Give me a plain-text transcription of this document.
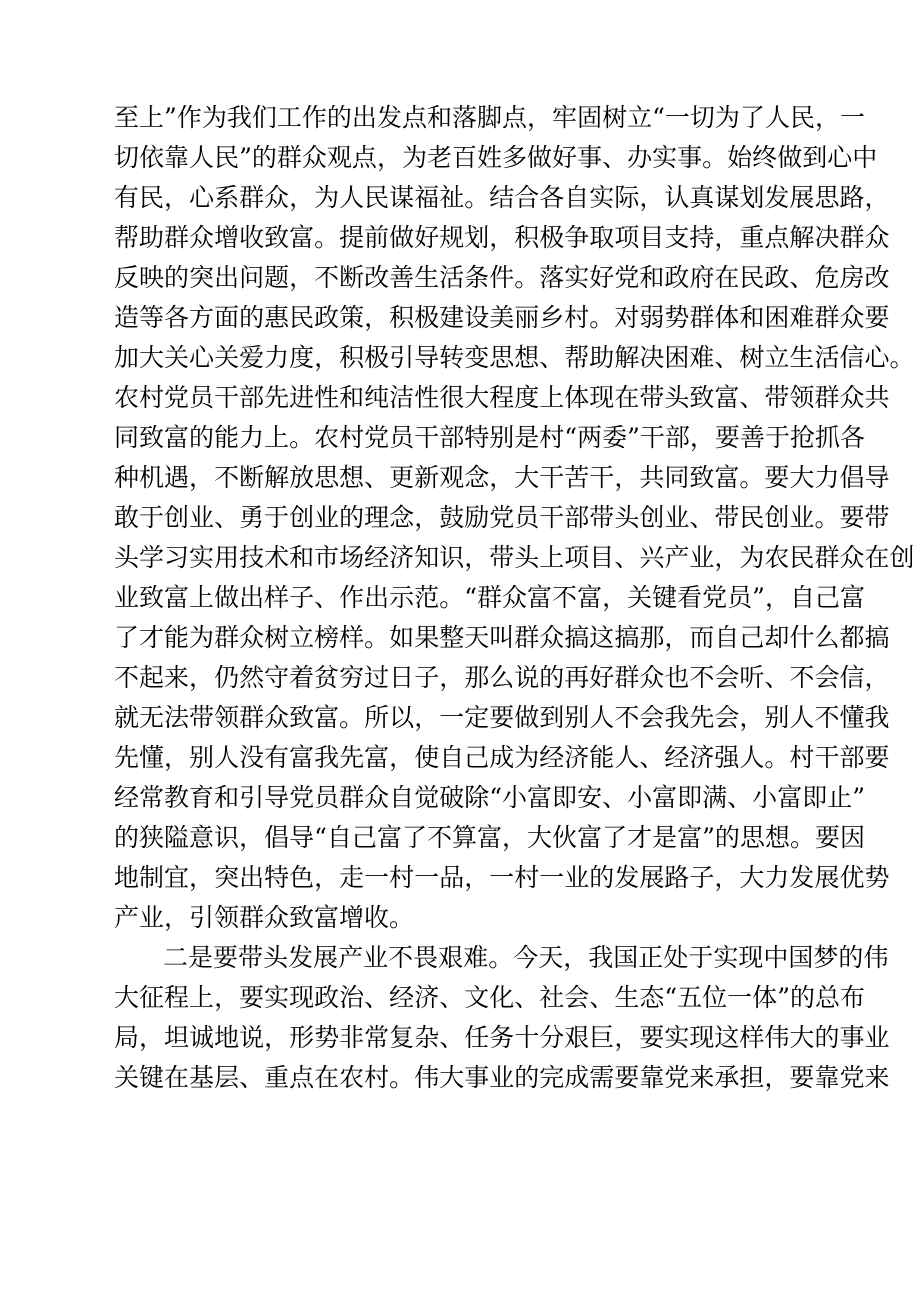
至 上 ” 作 为 我 们 工 作 的 出 发 点 和 落 脚 点 ， 牢 固 树 立 “ 一 切 为 了 人 民 ， 一
切 依 靠 人 民 ” 的 群 众 观 点 ， 为 老 百 姓 多 做 好 事 、 办 实 事 。 始 终 做 到 心 中
有 民 ， 心 系 群 众 ， 为 人 民 谋 福 祉 。 结 合 各 自 实 际 ， 认 真 谋 划 发 展 思 路 ，
帮 助 群 众 增 收 致 富 。 提 前 做 好 规 划 ， 积 极 争 取 项 目 支 持 ， 重 点 解 决 群 众
反 映 的 突 出 问 题 ， 不 断 改 善 生 活 条 件 。 落 实 好 党 和 政 府 在 民 政 、 危 房 改
造 等 各 方 面 的 惠 民 政 策 ， 积 极 建 设 美 丽 乡 村 。 对 弱 势 群 体 和 困 难 群 众 要
加 大 关 心 关 爱 力 度 ， 积 极 引 导 转 变 思 想 、 帮 助 解 决 困 难 、 树 立 生 活 信 心 。
农 村 党 员 干 部 先 进 性 和 纯 洁 性 很 大 程 度 上 体 现 在 带 头 致 富 、 带 领 群 众 共
同 致 富 的 能 力 上 。 农 村 党 员 干 部 特 别 是 村 “ 两 委 ” 干 部 ， 要 善 于 抢 抓 各
种 机 遇 ， 不 断 解 放 思 想 、 更 新 观 念 ， 大 干 苦 干 ， 共 同 致 富 。 要 大 力 倡 导
敢 于 创 业 、 勇 于 创 业 的 理 念 ， 鼓 励 党 员 干 部 带 头 创 业 、 带 民 创 业 。 要 带
头 学 习 实 用 技 术 和 市 场 经 济 知 识 ， 带 头 上 项 目 、 兴 产 业 ， 为 农 民 群 众 在 创
业 致 富 上 做 出 样 子 、 作 出 示 范 。 “ 群 众 富 不 富 ， 关 键 看 党 员 ” ， 自 己 富
了 才 能 为 群 众 树 立 榜 样 。 如 果 整 天 叫 群 众 搞 这 搞 那 ， 而 自 己 却 什 么 都 搞
不 起 来 ， 仍 然 守 着 贫 穷 过 日 子 ， 那 么 说 的 再 好 群 众 也 不 会 听 、 不 会 信 ，
就 无 法 带 领 群 众 致 富 。 所 以 ， 一 定 要 做 到 别 人 不 会 我 先 会 ， 别 人 不 懂 我
先 懂 ， 别 人 没 有 富 我 先 富 ， 使 自 己 成 为 经 济 能 人 、 经 济 强 人 。 村 干 部 要
经 常 教 育 和 引 导 党 员 群 众 自 觉 破 除 “ 小 富 即 安 、 小 富 即 满 、 小 富 即 止 ”
的 狭 隘 意 识 ， 倡 导 “ 自 己 富 了 不 算 富 ， 大 伙 富 了 才 是 富 ” 的 思 想 。 要 因
地 制 宜 ， 突 出 特 色 ， 走 一 村 一 品 ， 一 村 一 业 的 发 展 路 子 ， 大 力 发 展 优 势
产业，引领群众致富增收。
二 是 要 带 头 发 展 产 业 不 畏 艰 难 。 今 天 ， 我 国 正 处 于 实 现 中 国 梦 的 伟
大 征 程 上 ， 要 实 现 政 治 、 经 济 、 文 化 、 社 会 、 生 态 “ 五 位 一 体 ” 的 总 布
局 ， 坦 诚 地 说 ， 形 势 非 常 复 杂 、 任 务 十 分 艰 巨 ， 要 实 现 这 样 伟 大 的 事 业
关 键 在 基 层 、 重 点 在 农 村 。 伟 大 事 业 的 完 成 需 要 靠 党 来 承 担 ， 要 靠 党 来
